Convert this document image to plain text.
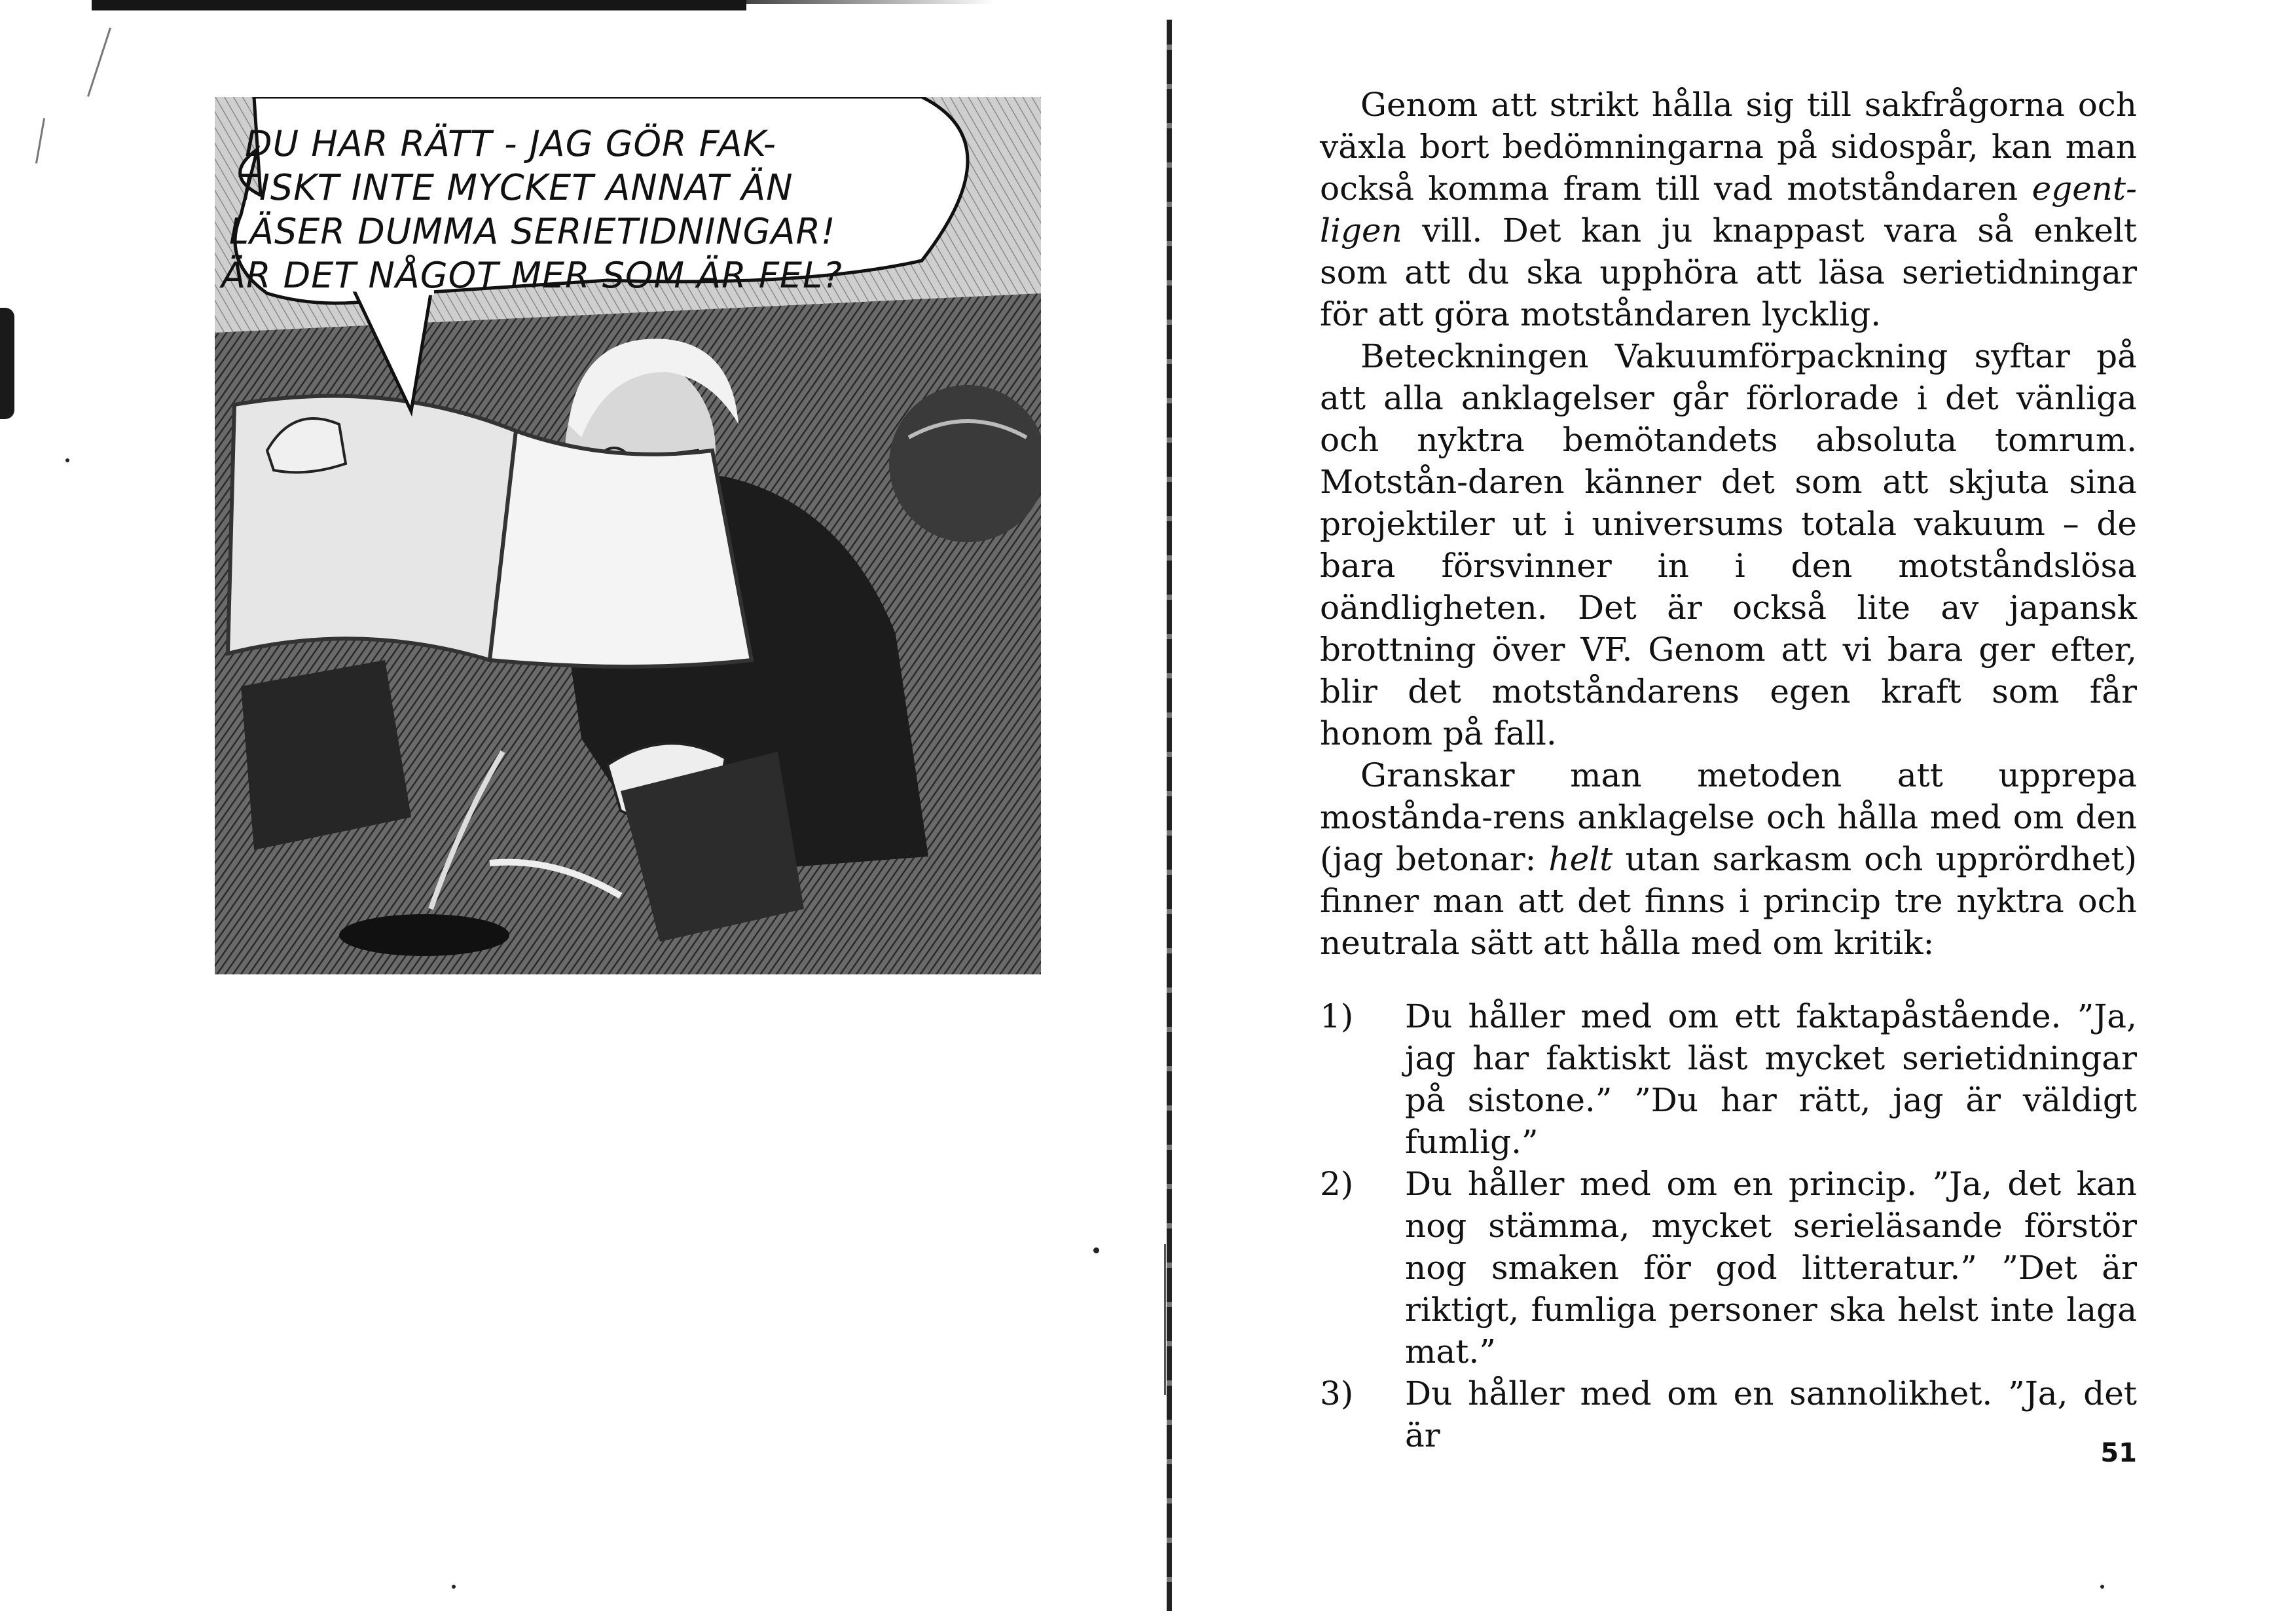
DU HAR RÄTT - JAG GÖR FAK-
TISKT INTE MYCKET ANNAT ÄN
LÄSER DUMMA SERIETIDNINGAR!
ÄR DET NÅGOT MER SOM ÄR FEL?

Genom att strikt hålla sig till sakfrågorna och växla bort bedömningarna på sidospår, kan man också komma fram till vad motståndaren egent-ligen vill. Det kan ju knappast vara så enkelt som att du ska upphöra att läsa serietidningar för att göra motståndaren lycklig.

Beteckningen Vakuumförpackning syftar på att alla anklagelser går förlorade i det vänliga och nyktra bemötandets absoluta tomrum. Motstån-daren känner det som att skjuta sina projektiler ut i universums totala vakuum – de bara försvinner in i den motståndslösa oändligheten. Det är också lite av japansk brottning över VF. Genom att vi bara ger efter, blir det motståndarens egen kraft som får honom på fall.

Granskar man metoden att upprepa mostånda-rens anklagelse och hålla med om den (jag betonar: helt utan sarkasm och upprördhet) finner man att det finns i princip tre nyktra och neutrala sätt att hålla med om kritik:

1) Du håller med om ett faktapåstående. ”Ja, jag har faktiskt läst mycket serietidningar på sistone.” ”Du har rätt, jag är väldigt fumlig.”

2) Du håller med om en princip. ”Ja, det kan nog stämma, mycket serieläsande förstör nog smaken för god litteratur.” ”Det är riktigt, fumliga personer ska helst inte laga mat.”

3) Du håller med om en sannolikhet. ”Ja, det är	51
